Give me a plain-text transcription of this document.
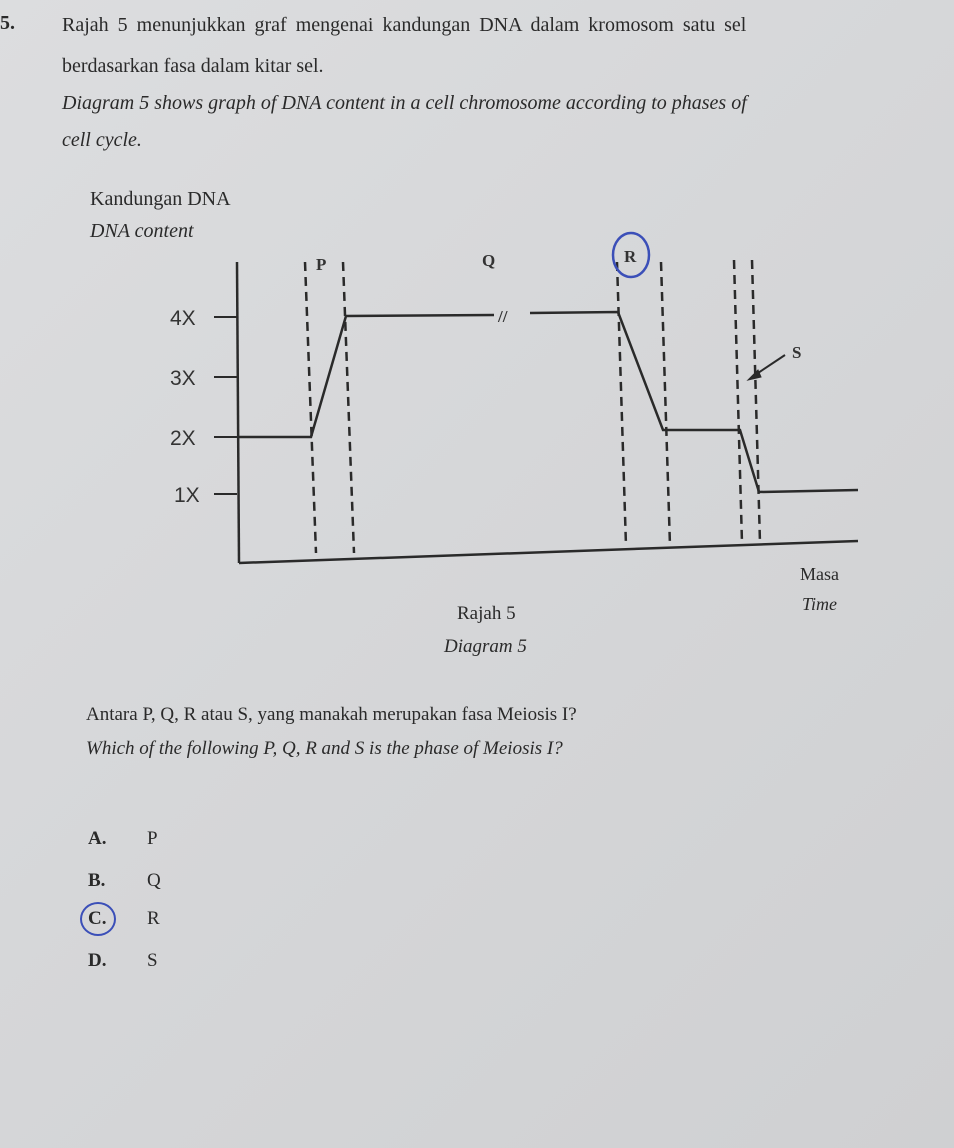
5. Rajah 5 menunjukkan graf mengenai kandungan DNA dalam kromosom satu sel
berdasarkan fasa dalam kitar sel.
Diagram 5 shows graph of DNA content in a cell chromosome according to phases of
cell cycle.
Kandungan DNA
DNA content
//
4X
3X
2X
1X
P	Q	R
S
Masa
Time
Rajah 5
Diagram 5
Antara P, Q, R atau S, yang manakah merupakan fasa Meiosis I?
Which of the following P, Q, R and S is the phase of Meiosis I?
A. P
B. Q
C. R
D. S
